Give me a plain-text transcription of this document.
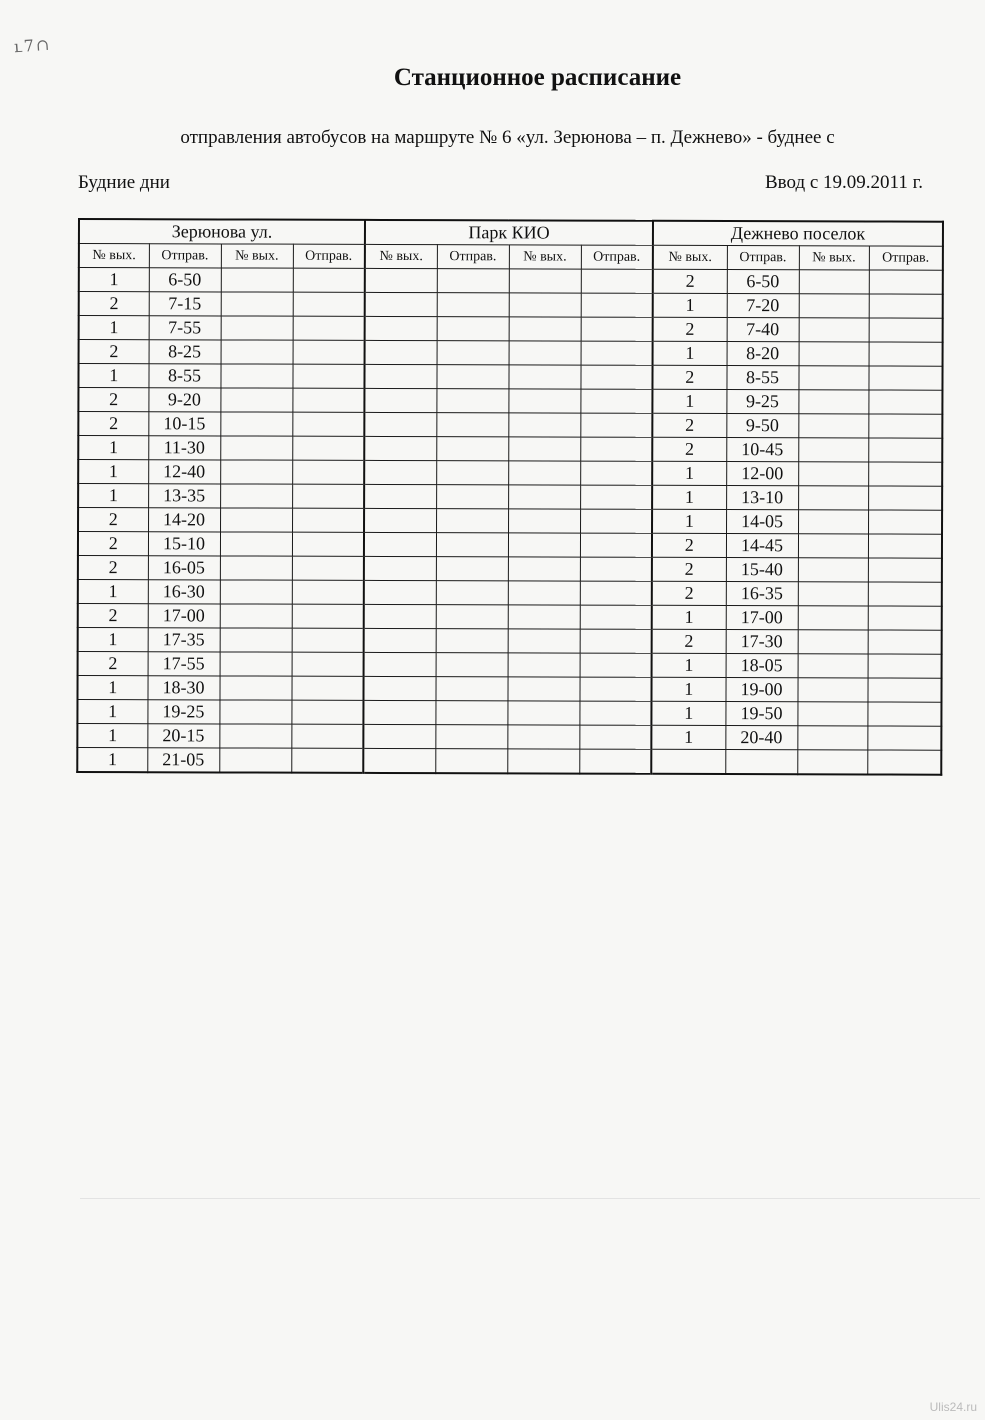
ւ7∩
Станционное расписание
отправления автобусов на маршруте № 6 «ул. Зерюнова – п. Дежнево» - буднее с
Будние дни	Ввод с 19.09.2011 г.
Зерюнова ул.				Парк КИО				Дежнево поселок			
№ вых.	Отправ.	№ вых.	Отправ.	№ вых.	Отправ.	№ вых.	Отправ.	№ вых.	Отправ.	№ вых.	Отправ.
1	6-50							2	6-50		
2	7-15							1	7-20		
1	7-55							2	7-40		
2	8-25							1	8-20		
1	8-55							2	8-55		
2	9-20							1	9-25		
2	10-15							2	9-50		
1	11-30							2	10-45		
1	12-40							1	12-00		
1	13-35							1	13-10		
2	14-20							1	14-05		
2	15-10							2	14-45		
2	16-05							2	15-40		
1	16-30							2	16-35		
2	17-00							1	17-00		
1	17-35							2	17-30		
2	17-55							1	18-05		
1	18-30							1	19-00		
1	19-25							1	19-50		
1	20-15							1	20-40		
1	21-05										
Ulis24.ru
